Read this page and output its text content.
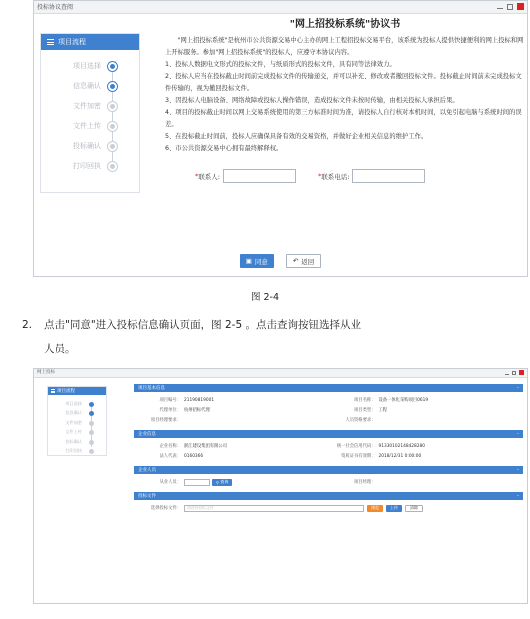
投标协议查阅
项目流程
项目选择
信息确认
文件加密
文件上传
投标确认
打印回执
"网上招投标系统"协议书

　　"网上招投标系统"是杭州市公共资源交易中心主办的网上工程招投标交易平台，该系统为投标人提供快捷便利的网上投标和网上开标服务。参加"网上招投标系统"的投标人，应遵守本协议内容。

1、投标人数据电文形式的投标文件，与纸质形式的投标文件，具有同等法律效力。

2、投标人应当在投标截止时间前完成投标文件的传输递交，并可以补充、修改或者撤回投标文件。投标截止时间前未完成投标文件传输的，视为撤回投标文件。

3、因投标人电脑设备、网络故障或投标人操作错误，造成投标文件未按时传输，由相关投标人承担后果。

4、项目的投标截止时间以网上交易系统使用的第三方标准时间为准，请投标人自行核对本机时间，以免引起电脑与系统时间的误差。

5、在投标截止时间前，投标人应确保具备有效的交易资格，并做好企业相关信息的维护工作。

6、市公共资源交易中心拥有最终解释权。

* 联系人:	* 联系电话:
▣ 同意	↶ 返回
图 2-4
2. 点击"同意"进入投标信息确认页面，图 2-5 。点击查询按钮选择从业
人员。
网上投标
项目流程
项目选择
信息确认
文件加密
文件上传
投标确认
打印回执
项目基本信息	–
项目编号： 2119081900​1	项目名称： 设备一体化采购项目0619
代理单位： 杭州招标代理	项目类型： 工程
项目经理要求：	人员资格要求：
企业信息	–
企业名称： 浙江建设集团有限公司	统一社会信用代码： 91330102148428280
法人代表： 0160366	资质证书有效期： 2018/12/31 0:00:00
企业人员	–
从业人员：	⚲ 查询	项目经理：
投标文件	–
选择投标文件：	请选择投标文件	浏览	上传	清除
